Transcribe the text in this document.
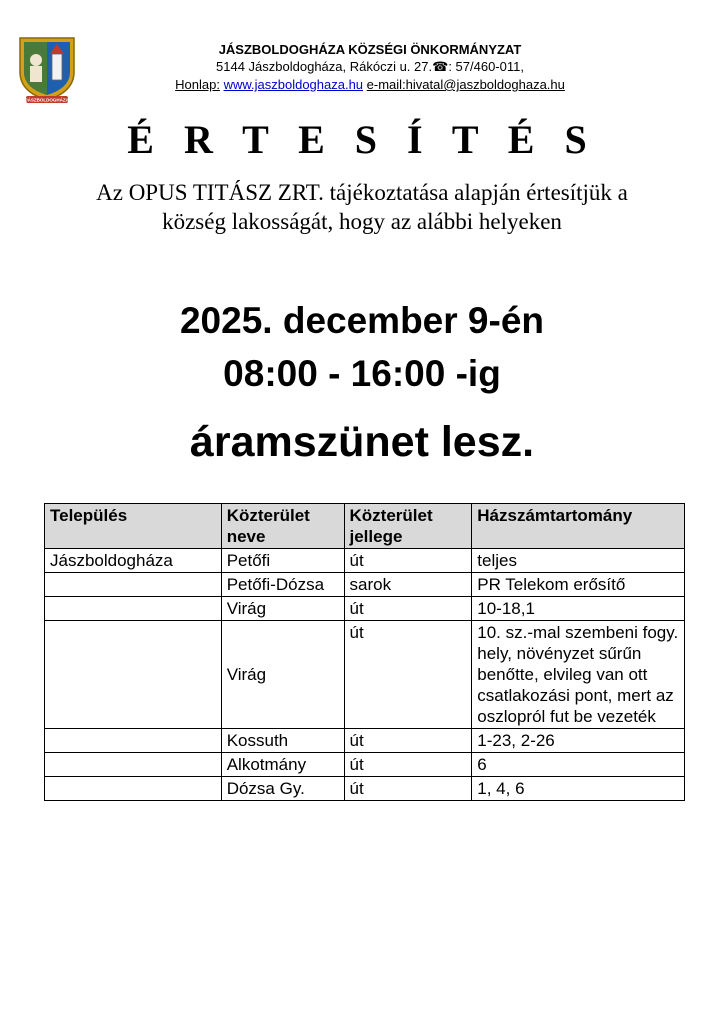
JÁSZBOLDOGHÁZA
JÁSZBOLDOGHÁZA KÖZSÉGI ÖNKORMÁNYZAT
5144 Jászboldogháza, Rákóczi u. 27.☎: 57/460-011,
Honlap: www.jaszboldoghaza.hu e-mail:hivatal@jaszboldoghaza.hu
É R T E S Í T É S
Az OPUS TITÁSZ ZRT. tájékoztatása alapján értesítjük a község lakosságát, hogy az alábbi helyeken
2025. december 9-én
08:00 - 16:00 -ig
áramszünet lesz.
Település	Közterület neve	Közterület jellege	Házszámtartomány
Jászboldogháza	Petőfi	út	teljes
	Petőfi-Dózsa	sarok	PR Telekom erősítő
	Virág	út	10-18,1
	Virág	út	10. sz.-mal szembeni fogy. hely, növényzet sűrűn benőtte, elvileg van ott csatlakozási pont, mert az oszlopról fut be vezeték
	Kossuth	út	1-23, 2-26
	Alkotmány	út	6
	Dózsa Gy.	út	1, 4, 6
